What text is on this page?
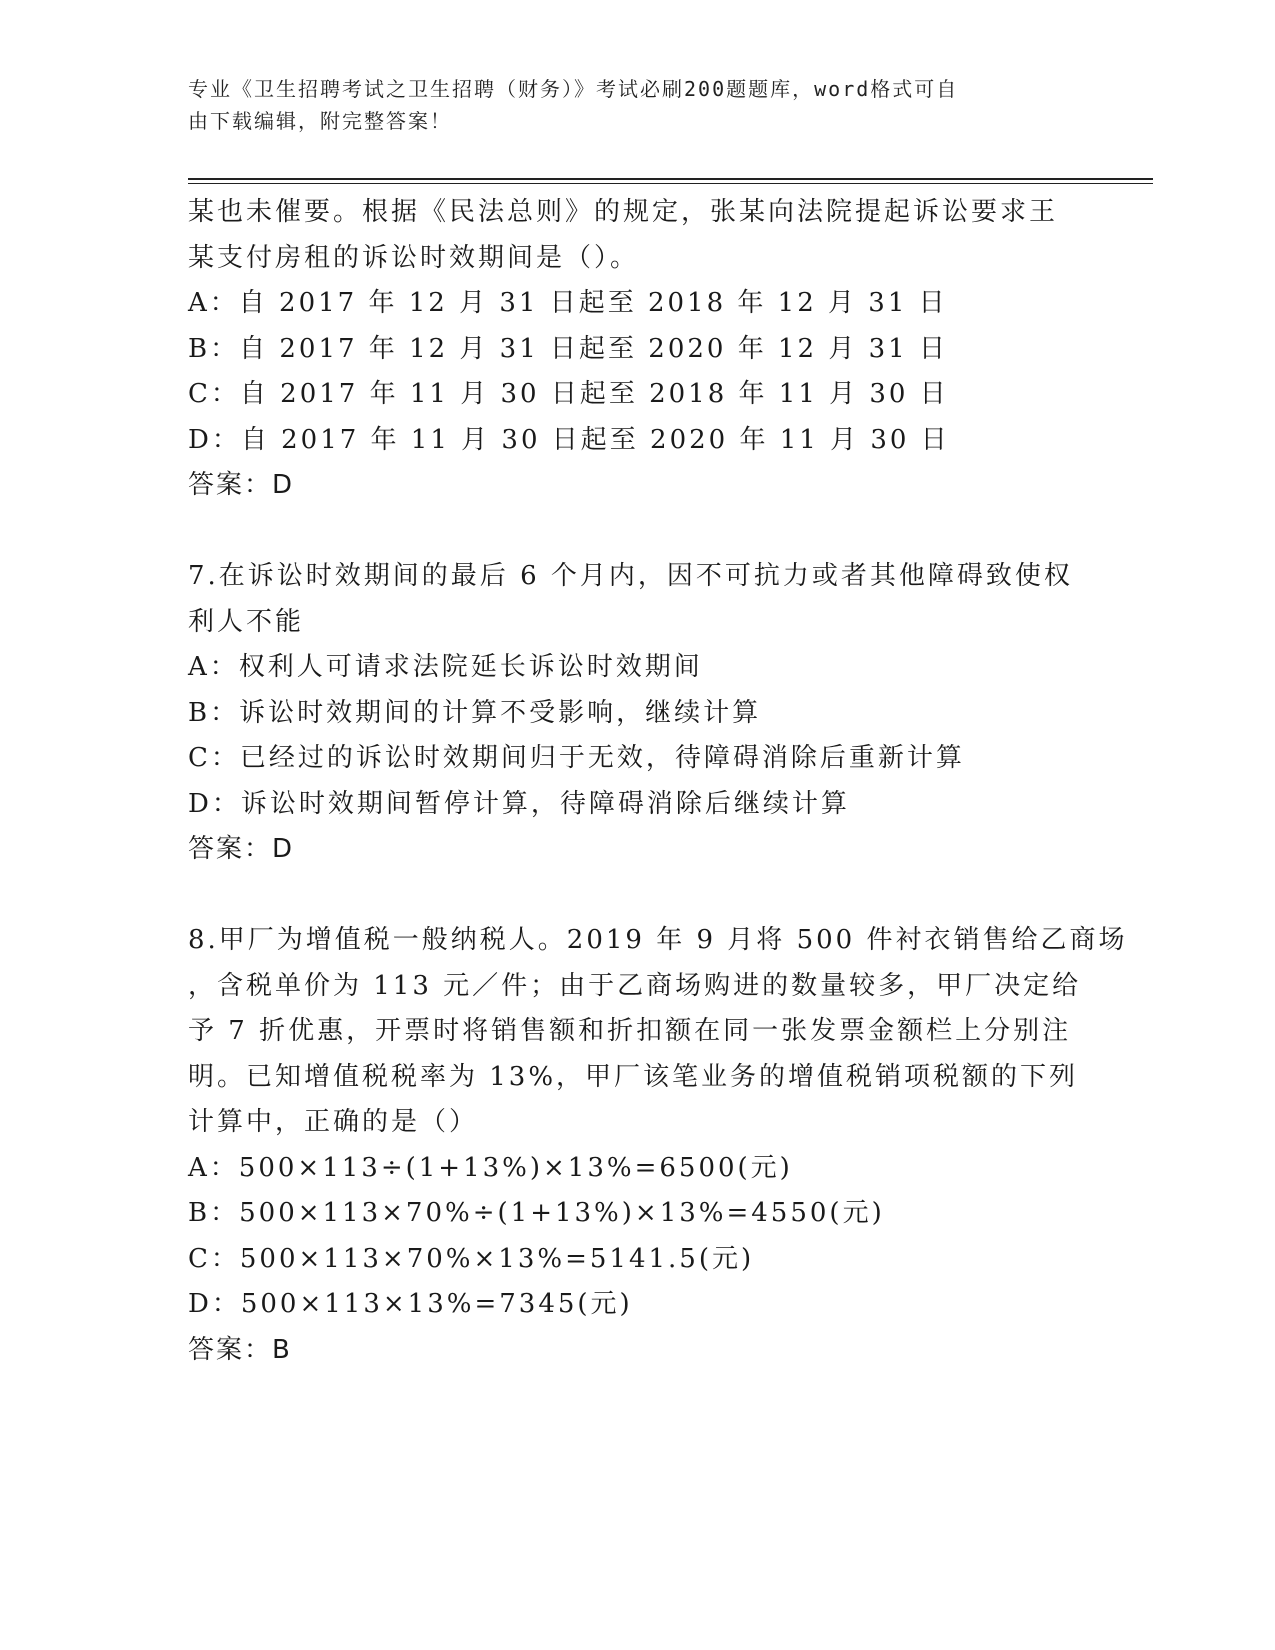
专业《卫生招聘考试之卫生招聘（财务）》考试必刷200题题库，word格式可自
由下载编辑，附完整答案！
某也未催要。根据《民法总则》的规定，张某向法院提起诉讼要求王
某支付房租的诉讼时效期间是（）。
A：自 2017 年 12 月 31 日起至 2018 年 12 月 31 日
B：自 2017 年 12 月 31 日起至 2020 年 12 月 31 日
C：自 2017 年 11 月 30 日起至 2018 年 11 月 30 日
D：自 2017 年 11 月 30 日起至 2020 年 11 月 30 日
答案：D
7.在诉讼时效期间的最后 6 个月内，因不可抗力或者其他障碍致使权
利人不能
A：权利人可请求法院延长诉讼时效期间
B：诉讼时效期间的计算不受影响，继续计算
C：已经过的诉讼时效期间归于无效，待障碍消除后重新计算
D：诉讼时效期间暂停计算，待障碍消除后继续计算
答案：D
8.甲厂为增值税一般纳税人。2019 年 9 月将 500 件衬衣销售给乙商场
，含税单价为 113 元／件；由于乙商场购进的数量较多，甲厂决定给
予 7 折优惠，开票时将销售额和折扣额在同一张发票金额栏上分别注
明。已知增值税税率为 13%，甲厂该笔业务的增值税销项税额的下列
计算中，正确的是（）
A：500×113÷(1+13%)×13%=6500(元)
B：500×113×70%÷(1+13%)×13%=4550(元)
C：500×113×70%×13%=5141.5(元)
D：500×113×13%=7345(元)
答案：B
